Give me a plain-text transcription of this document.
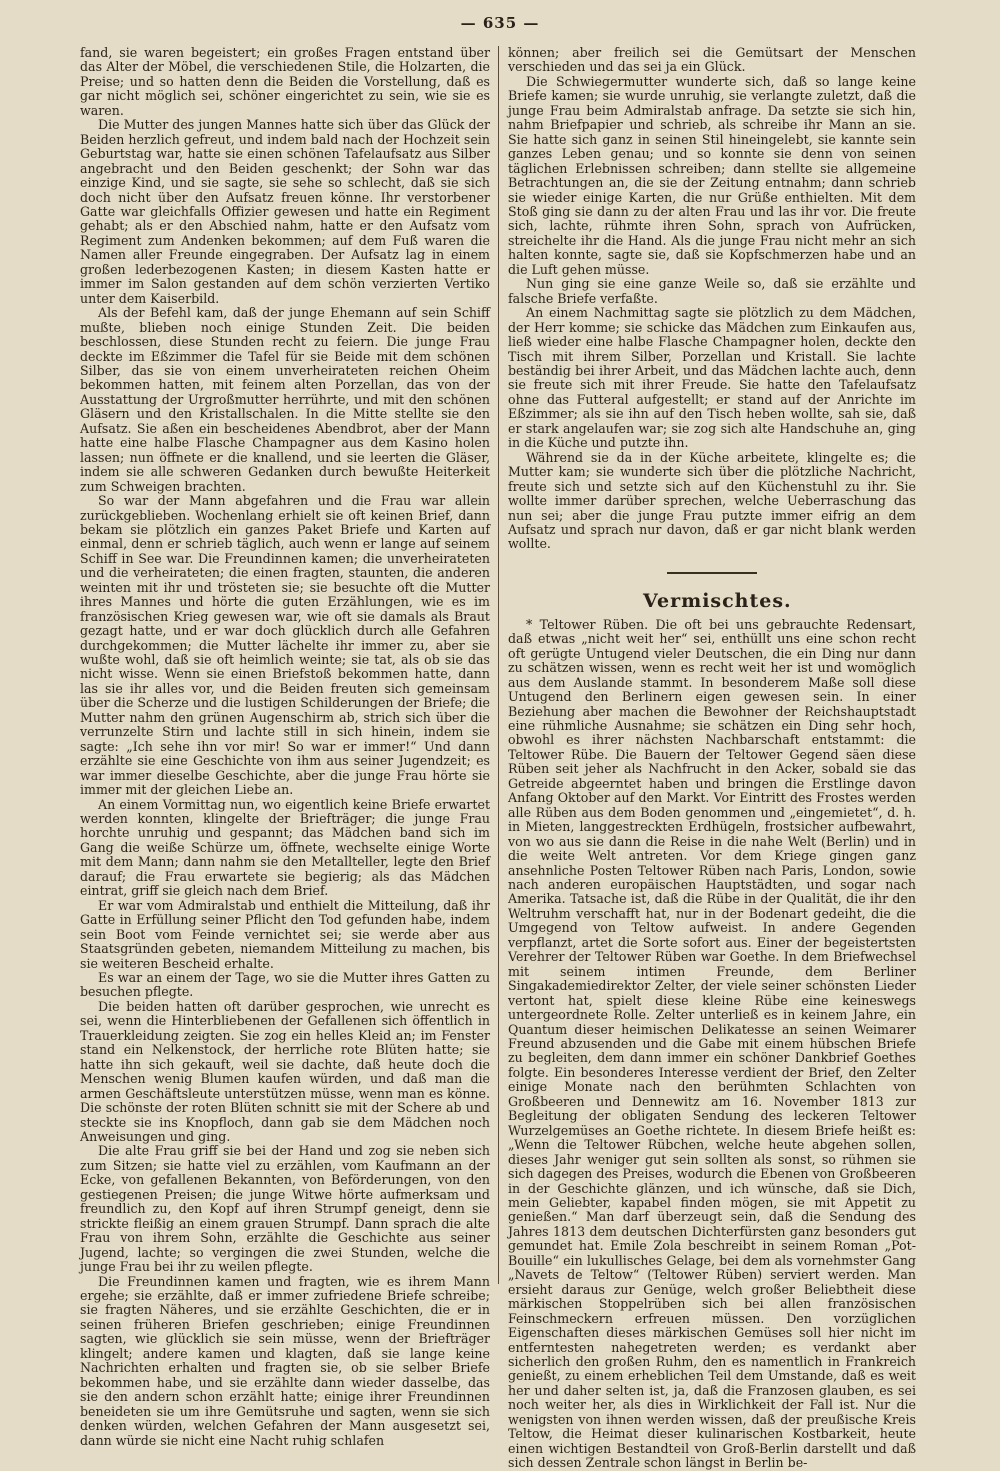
— 635 —

fand, sie waren begeistert; ein großes Fragen entstand über das Alter der Möbel, die verschiedenen Stile, die Holzarten, die Preise; und so hatten denn die Beiden die Vorstellung, daß es gar nicht möglich sei, schöner eingerichtet zu sein, wie sie es waren.

Die Mutter des jungen Mannes hatte sich über das Glück der Beiden herzlich gefreut, und indem bald nach der Hochzeit sein Geburtstag war, hatte sie einen schönen Tafelaufsatz aus Silber angebracht und den Beiden geschenkt; der Sohn war das einzige Kind, und sie sagte, sie sehe so schlecht, daß sie sich doch nicht über den Aufsatz freuen könne. Ihr verstorbener Gatte war gleichfalls Offizier gewesen und hatte ein Regiment gehabt; als er den Abschied nahm, hatte er den Aufsatz vom Regiment zum Andenken bekommen; auf dem Fuß waren die Namen aller Freunde eingegraben. Der Aufsatz lag in einem großen lederbezogenen Kasten; in diesem Kasten hatte er immer im Salon gestanden auf dem schön verzierten Vertiko unter dem Kaiserbild.

Als der Befehl kam, daß der junge Ehemann auf sein Schiff mußte, blieben noch einige Stunden Zeit. Die beiden beschlossen, diese Stunden recht zu feiern. Die junge Frau deckte im Eßzimmer die Tafel für sie Beide mit dem schönen Silber, das sie von einem unverheirateten reichen Oheim bekommen hatten, mit feinem alten Porzellan, das von der Ausstattung der Urgroßmutter herrührte, und mit den schönen Gläsern und den Kristallschalen. In die Mitte stellte sie den Aufsatz. Sie aßen ein bescheidenes Abendbrot, aber der Mann hatte eine halbe Flasche Champagner aus dem Kasino holen lassen; nun öffnete er die knallend, und sie leerten die Gläser, indem sie alle schweren Gedanken durch bewußte Heiterkeit zum Schweigen brachten.

So war der Mann abgefahren und die Frau war allein zurückgeblieben. Wochenlang erhielt sie oft keinen Brief, dann bekam sie plötzlich ein ganzes Paket Briefe und Karten auf einmal, denn er schrieb täglich, auch wenn er lange auf seinem Schiff in See war. Die Freundinnen kamen; die unverheirateten und die verheirateten; die einen fragten, staunten, die anderen weinten mit ihr und trösteten sie; sie besuchte oft die Mutter ihres Mannes und hörte die guten Erzählungen, wie es im französischen Krieg gewesen war, wie oft sie damals als Braut gezagt hatte, und er war doch glücklich durch alle Gefahren durchgekommen; die Mutter lächelte ihr immer zu, aber sie wußte wohl, daß sie oft heimlich weinte; sie tat, als ob sie das nicht wisse. Wenn sie einen Briefstoß bekommen hatte, dann las sie ihr alles vor, und die Beiden freuten sich gemeinsam über die Scherze und die lustigen Schilderungen der Briefe; die Mutter nahm den grünen Augenschirm ab, strich sich über die verrunzelte Stirn und lachte still in sich hinein, indem sie sagte: „Ich sehe ihn vor mir! So war er immer!“ Und dann erzählte sie eine Geschichte von ihm aus seiner Jugendzeit; es war immer dieselbe Geschichte, aber die junge Frau hörte sie immer mit der gleichen Liebe an.

An einem Vormittag nun, wo eigentlich keine Briefe erwartet werden konnten, klingelte der Briefträger; die junge Frau horchte unruhig und gespannt; das Mädchen band sich im Gang die weiße Schürze um, öffnete, wechselte einige Worte mit dem Mann; dann nahm sie den Metallteller, legte den Brief darauf; die Frau erwartete sie begierig; als das Mädchen eintrat, griff sie gleich nach dem Brief.

Er war vom Admiralstab und enthielt die Mitteilung, daß ihr Gatte in Erfüllung seiner Pflicht den Tod gefunden habe, indem sein Boot vom Feinde vernichtet sei; sie werde aber aus Staatsgründen gebeten, niemandem Mitteilung zu machen, bis sie weiteren Bescheid erhalte.

Es war an einem der Tage, wo sie die Mutter ihres Gatten zu besuchen pflegte.

Die beiden hatten oft darüber gesprochen, wie unrecht es sei, wenn die Hinterbliebenen der Gefallenen sich öffentlich in Trauerkleidung zeigten. Sie zog ein helles Kleid an; im Fenster stand ein Nelkenstock, der herrliche rote Blüten hatte; sie hatte ihn sich gekauft, weil sie dachte, daß heute doch die Menschen wenig Blumen kaufen würden, und daß man die armen Geschäftsleute unterstützen müsse, wenn man es könne. Die schönste der roten Blüten schnitt sie mit der Schere ab und steckte sie ins Knopfloch, dann gab sie dem Mädchen noch Anweisungen und ging.

Die alte Frau griff sie bei der Hand und zog sie neben sich zum Sitzen; sie hatte viel zu erzählen, vom Kaufmann an der Ecke, von gefallenen Bekannten, von Beförderungen, von den gestiegenen Preisen; die junge Witwe hörte aufmerksam und freundlich zu, den Kopf auf ihren Strumpf geneigt, denn sie strickte fleißig an einem grauen Strumpf. Dann sprach die alte Frau von ihrem Sohn, erzählte die Geschichte aus seiner Jugend, lachte; so vergingen die zwei Stunden, welche die junge Frau bei ihr zu weilen pflegte.

Die Freundinnen kamen und fragten, wie es ihrem Mann ergehe; sie erzählte, daß er immer zufriedene Briefe schreibe; sie fragten Näheres, und sie erzählte Geschichten, die er in seinen früheren Briefen geschrieben; einige Freundinnen sagten, wie glücklich sie sein müsse, wenn der Briefträger klingelt; andere kamen und klagten, daß sie lange keine Nachrichten erhalten und fragten sie, ob sie selber Briefe bekommen habe, und sie erzählte dann wieder dasselbe, das sie den andern schon erzählt hatte; einige ihrer Freundinnen beneideten sie um ihre Gemütsruhe und sagten, wenn sie sich denken würden, welchen Gefahren der Mann ausgesetzt sei, dann würde sie nicht eine Nacht ruhig schlafen

können; aber freilich sei die Gemütsart der Menschen verschieden und das sei ja ein Glück.

Die Schwiegermutter wunderte sich, daß so lange keine Briefe kamen; sie wurde unruhig, sie verlangte zuletzt, daß die junge Frau beim Admiralstab anfrage. Da setzte sie sich hin, nahm Briefpapier und schrieb, als schreibe ihr Mann an sie. Sie hatte sich ganz in seinen Stil hineingelebt, sie kannte sein ganzes Leben genau; und so konnte sie denn von seinen täglichen Erlebnissen schreiben; dann stellte sie allgemeine Betrachtungen an, die sie der Zeitung entnahm; dann schrieb sie wieder einige Karten, die nur Grüße enthielten. Mit dem Stoß ging sie dann zu der alten Frau und las ihr vor. Die freute sich, lachte, rühmte ihren Sohn, sprach von Aufrücken, streichelte ihr die Hand. Als die junge Frau nicht mehr an sich halten konnte, sagte sie, daß sie Kopfschmerzen habe und an die Luft gehen müsse.

Nun ging sie eine ganze Weile so, daß sie erzählte und falsche Briefe verfaßte.

An einem Nachmittag sagte sie plötzlich zu dem Mädchen, der Herr komme; sie schicke das Mädchen zum Einkaufen aus, ließ wieder eine halbe Flasche Champagner holen, deckte den Tisch mit ihrem Silber, Porzellan und Kristall. Sie lachte beständig bei ihrer Arbeit, und das Mädchen lachte auch, denn sie freute sich mit ihrer Freude. Sie hatte den Tafelaufsatz ohne das Futteral aufgestellt; er stand auf der Anrichte im Eßzimmer; als sie ihn auf den Tisch heben wollte, sah sie, daß er stark angelaufen war; sie zog sich alte Handschuhe an, ging in die Küche und putzte ihn.

Während sie da in der Küche arbeitete, klingelte es; die Mutter kam; sie wunderte sich über die plötzliche Nachricht, freute sich und setzte sich auf den Küchenstuhl zu ihr. Sie wollte immer darüber sprechen, welche Ueberraschung das nun sei; aber die junge Frau putzte immer eifrig an dem Aufsatz und sprach nur davon, daß er gar nicht blank werden wollte.

Vermischtes.

* Teltower Rüben. Die oft bei uns gebrauchte Redensart, daß etwas „nicht weit her“ sei, enthüllt uns eine schon recht oft gerügte Untugend vieler Deutschen, die ein Ding nur dann zu schätzen wissen, wenn es recht weit her ist und womöglich aus dem Auslande stammt. In besonderem Maße soll diese Untugend den Berlinern eigen gewesen sein. In einer Beziehung aber machen die Bewohner der Reichshauptstadt eine rühmliche Ausnahme; sie schätzen ein Ding sehr hoch, obwohl es ihrer nächsten Nachbarschaft entstammt: die Teltower Rübe. Die Bauern der Teltower Gegend säen diese Rüben seit jeher als Nachfrucht in den Acker, sobald sie das Getreide abgeerntet haben und bringen die Erstlinge davon Anfang Oktober auf den Markt. Vor Eintritt des Frostes werden alle Rüben aus dem Boden genommen und „eingemietet“, d. h. in Mieten, langgestreckten Erdhügeln, frostsicher aufbewahrt, von wo aus sie dann die Reise in die nahe Welt (Berlin) und in die weite Welt antreten. Vor dem Kriege gingen ganz ansehnliche Posten Teltower Rüben nach Paris, London, sowie nach anderen europäischen Hauptstädten, und sogar nach Amerika. Tatsache ist, daß die Rübe in der Qualität, die ihr den Weltruhm verschafft hat, nur in der Bodenart gedeiht, die die Umgegend von Teltow aufweist. In andere Gegenden verpflanzt, artet die Sorte sofort aus. Einer der begeistertsten Verehrer der Teltower Rüben war Goethe. In dem Briefwechsel mit seinem intimen Freunde, dem Berliner Singakademiedirektor Zelter, der viele seiner schönsten Lieder vertont hat, spielt diese kleine Rübe eine keineswegs untergeordnete Rolle. Zelter unterließ es in keinem Jahre, ein Quantum dieser heimischen Delikatesse an seinen Weimarer Freund abzusenden und die Gabe mit einem hübschen Briefe zu begleiten, dem dann immer ein schöner Dankbrief Goethes folgte. Ein besonderes Interesse verdient der Brief, den Zelter einige Monate nach den berühmten Schlachten von Großbeeren und Dennewitz am 16. November 1813 zur Begleitung der obligaten Sendung des leckeren Teltower Wurzelgemüses an Goethe richtete. In diesem Briefe heißt es: „Wenn die Teltower Rübchen, welche heute abgehen sollen, dieses Jahr weniger gut sein sollten als sonst, so rühmen sie sich dagegen des Preises, wodurch die Ebenen von Großbeeren in der Geschichte glänzen, und ich wünsche, daß sie Dich, mein Geliebter, kapabel finden mögen, sie mit Appetit zu genießen.“ Man darf überzeugt sein, daß die Sendung des Jahres 1813 dem deutschen Dichterfürsten ganz besonders gut gemundet hat. Emile Zola beschreibt in seinem Roman „Pot-Bouille“ ein lukullisches Gelage, bei dem als vornehmster Gang „Navets de Teltow“ (Teltower Rüben) serviert werden. Man ersieht daraus zur Genüge, welch großer Beliebtheit diese märkischen Stoppelrüben sich bei allen französischen Feinschmeckern erfreuen müssen. Den vorzüglichen Eigenschaften dieses märkischen Gemüses soll hier nicht im entferntesten nahegetreten werden; es verdankt aber sicherlich den großen Ruhm, den es namentlich in Frankreich genießt, zu einem erheblichen Teil dem Umstande, daß es weit her und daher selten ist, ja, daß die Franzosen glauben, es sei noch weiter her, als dies in Wirklichkeit der Fall ist. Nur die wenigsten von ihnen werden wissen, daß der preußische Kreis Teltow, die Heimat dieser kulinarischen Kostbarkeit, heute einen wichtigen Bestandteil von Groß-Berlin darstellt und daß sich dessen Zentrale schon längst in Berlin be-
